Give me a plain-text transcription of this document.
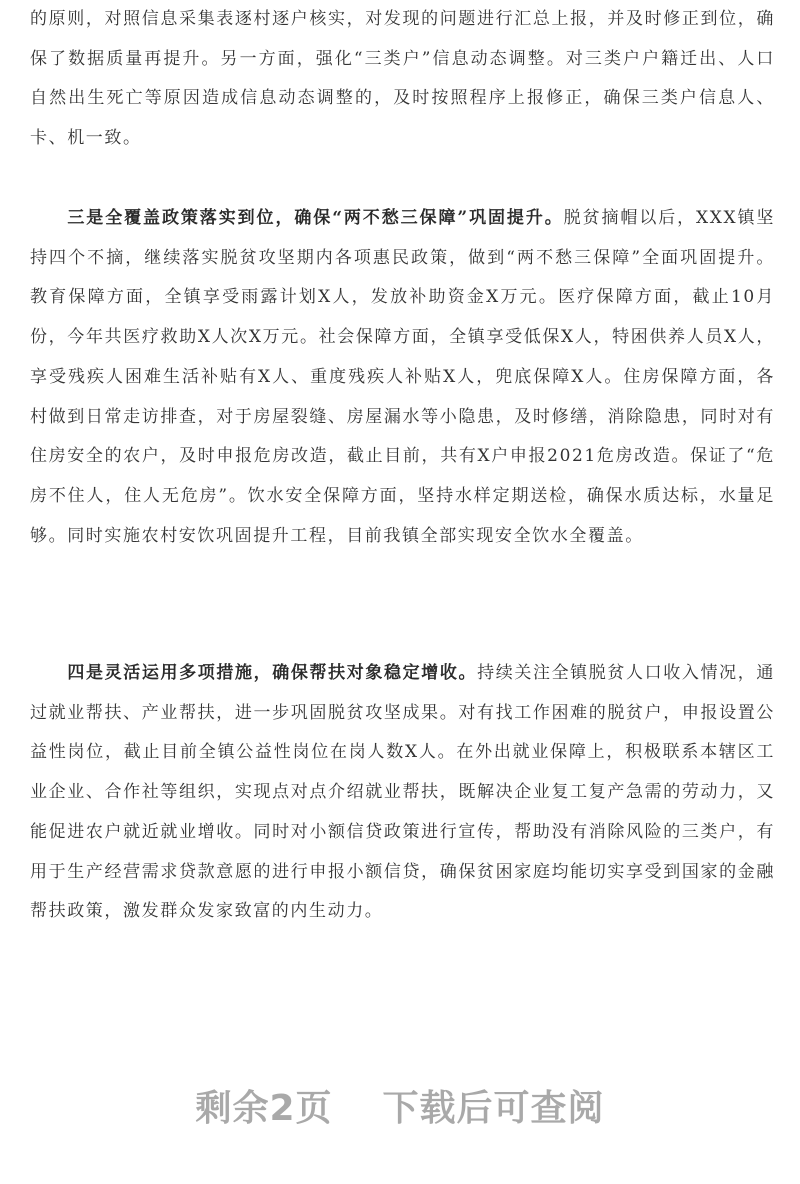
的原则，对照信息采集表逐村逐户核实，对发现的问题进行汇总上报，并及时修正到位，确保了数据质量再提升。另一方面，强化“三类户”信息动态调整。对三类户户籍迁出、人口自然出生死亡等原因造成信息动态调整的，及时按照程序上报修正，确保三类户信息人、卡、机一致。

三是全覆盖政策落实到位，确保“两不愁三保障”巩固提升。脱贫摘帽以后，XXX镇坚持四个不摘，继续落实脱贫攻坚期内各项惠民政策，做到“两不愁三保障”全面巩固提升。教育保障方面，全镇享受雨露计划X人，发放补助资金X万元。医疗保障方面，截止10月份，今年共医疗救助X人次X万元。社会保障方面，全镇享受低保X人，特困供养人员X人，享受残疾人困难生活补贴有X人、重度残疾人补贴X人，兜底保障X人。住房保障方面，各村做到日常走访排查，对于房屋裂缝、房屋漏水等小隐患，及时修缮，消除隐患，同时对有住房安全的农户，及时申报危房改造，截止目前，共有X户申报2021危房改造。保证了“危房不住人，住人无危房”。饮水安全保障方面，坚持水样定期送检，确保水质达标，水量足够。同时实施农村安饮巩固提升工程，目前我镇全部实现安全饮水全覆盖。

四是灵活运用多项措施，确保帮扶对象稳定增收。持续关注全镇脱贫人口收入情况，通过就业帮扶、产业帮扶，进一步巩固脱贫攻坚成果。对有找工作困难的脱贫户，申报设置公益性岗位，截止目前全镇公益性岗位在岗人数X人。在外出就业保障上，积极联系本辖区工业企业、合作社等组织，实现点对点介绍就业帮扶，既解决企业复工复产急需的劳动力，又能促进农户就近就业增收。同时对小额信贷政策进行宣传，帮助没有消除风险的三类户，有用于生产经营需求贷款意愿的进行申报小额信贷，确保贫困家庭均能切实享受到国家的金融帮扶政策，激发群众发家致富的内生动力。

剩余2页 下载后可查阅
